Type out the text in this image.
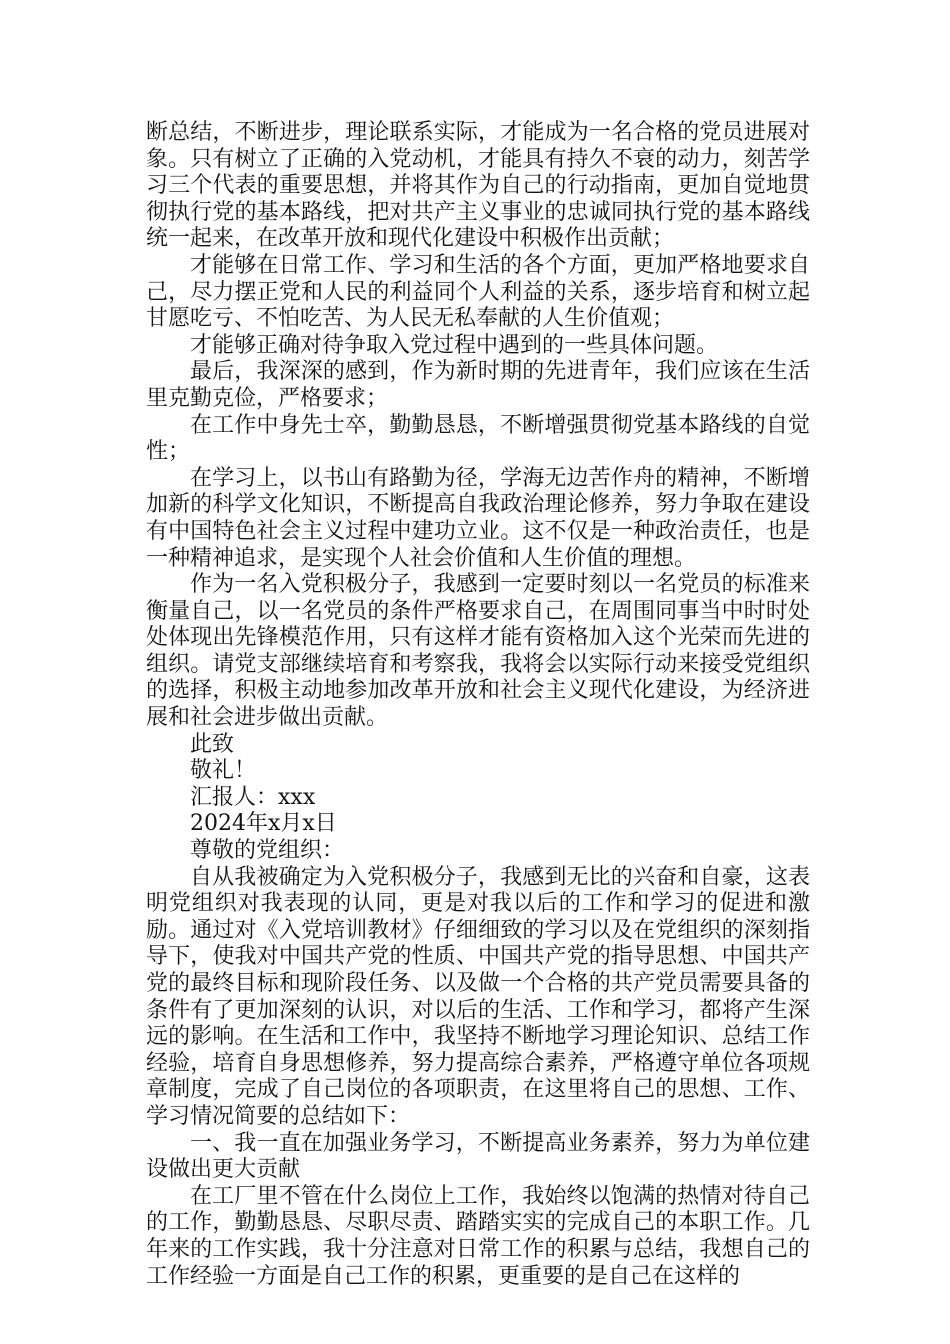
断总结，不断进步，理论联系实际，才能成为一名合格的党员进展对象。只有树立了正确的入党动机，才能具有持久不衰的动力，刻苦学习三个代表的重要思想，并将其作为自己的行动指南，更加自觉地贯彻执行党的基本路线，把对共产主义事业的忠诚同执行党的基本路线统一起来，在改革开放和现代化建设中积极作出贡献；

才能够在日常工作、学习和生活的各个方面，更加严格地要求自己，尽力摆正党和人民的利益同个人利益的关系，逐步培育和树立起甘愿吃亏、不怕吃苦、为人民无私奉献的人生价值观；

才能够正确对待争取入党过程中遇到的一些具体问题。

最后，我深深的感到，作为新时期的先进青年，我们应该在生活里克勤克俭，严格要求；

在工作中身先士卒，勤勤恳恳，不断增强贯彻党基本路线的自觉性；

在学习上，以书山有路勤为径，学海无边苦作舟的精神，不断增加新的科学文化知识，不断提高自我政治理论修养，努力争取在建设有中国特色社会主义过程中建功立业。这不仅是一种政治责任，也是一种精神追求，是实现个人社会价值和人生价值的理想。

作为一名入党积极分子，我感到一定要时刻以一名党员的标准来衡量自己，以一名党员的条件严格要求自己，在周围同事当中时时处处体现出先锋模范作用，只有这样才能有资格加入这个光荣而先进的组织。请党支部继续培育和考察我，我将会以实际行动来接受党组织的选择，积极主动地参加改革开放和社会主义现代化建设，为经济进展和社会进步做出贡献。

此致

敬礼！

汇报人：xxx

2024年x月x日

尊敬的党组织：

自从我被确定为入党积极分子，我感到无比的兴奋和自豪，这表明党组织对我表现的认同，更是对我以后的工作和学习的促进和激励。通过对《入党培训教材》仔细细致的学习以及在党组织的深刻指导下，使我对中国共产党的性质、中国共产党的指导思想、中国共产党的最终目标和现阶段任务、以及做一个合格的共产党员需要具备的条件有了更加深刻的认识，对以后的生活、工作和学习，都将产生深远的影响。在生活和工作中，我坚持不断地学习理论知识、总结工作经验，培育自身思想修养，努力提高综合素养，严格遵守单位各项规章制度，完成了自己岗位的各项职责，在这里将自己的思想、工作、学习情况简要的总结如下：

一、我一直在加强业务学习，不断提高业务素养，努力为单位建设做出更大贡献

在工厂里不管在什么岗位上工作，我始终以饱满的热情对待自己的工作，勤勤恳恳、尽职尽责、踏踏实实的完成自己的本职工作。几年来的工作实践，我十分注意对日常工作的积累与总结，我想自己的工作经验一方面是自己工作的积累，更重要的是自己在这样的
